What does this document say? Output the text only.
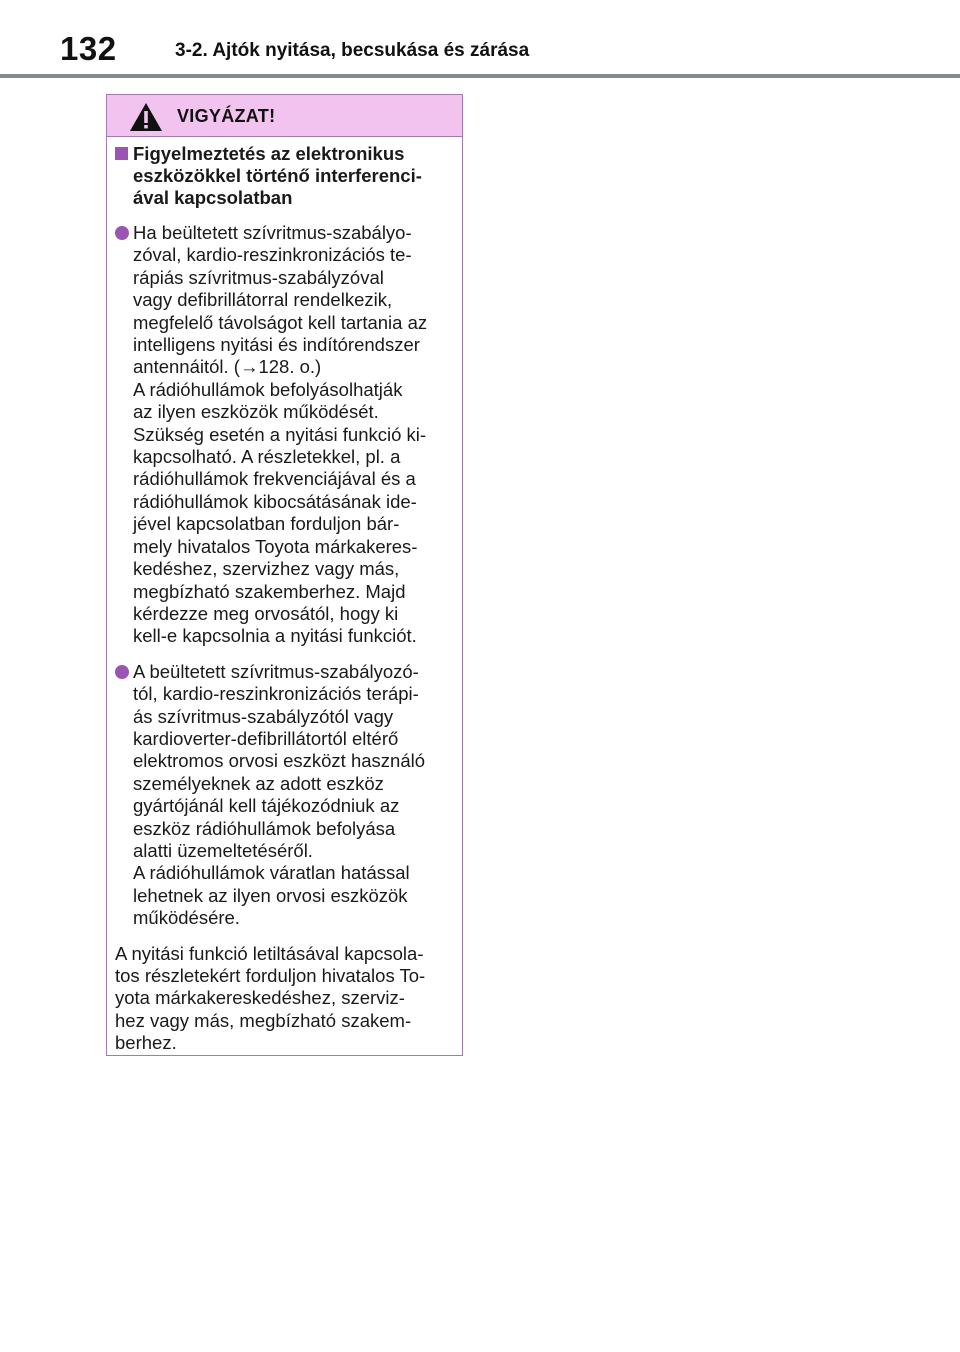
132	3-2. Ajtók nyitása, becsukása és zárása
VIGYÁZAT!
Figyelmeztetés az elektronikus
eszközökkel történő interferenci-
ával kapcsolatban
Ha beültetett szívritmus-szabályo-
zóval, kardio-reszinkronizációs te-
rápiás szívritmus-szabályzóval
vagy defibrillátorral rendelkezik,
megfelelő távolságot kell tartania az
intelligens nyitási és indítórendszer
antennáitól. (→128. o.)
A rádióhullámok befolyásolhatják
az ilyen eszközök működését.
Szükség esetén a nyitási funkció ki-
kapcsolható. A részletekkel, pl. a
rádióhullámok frekvenciájával és a
rádióhullámok kibocsátásának ide-
jével kapcsolatban forduljon bár-
mely hivatalos Toyota márkakeres-
kedéshez, szervizhez vagy más,
megbízható szakemberhez. Majd
kérdezze meg orvosától, hogy ki
kell-e kapcsolnia a nyitási funkciót.
A beültetett szívritmus-szabályozó-
tól, kardio-reszinkronizációs terápi-
ás szívritmus-szabályzótól vagy
kardioverter-defibrillátortól eltérő
elektromos orvosi eszközt használó
személyeknek az adott eszköz
gyártójánál kell tájékozódniuk az
eszköz rádióhullámok befolyása
alatti üzemeltetéséről.
A rádióhullámok váratlan hatással
lehetnek az ilyen orvosi eszközök
működésére.
A nyitási funkció letiltásával kapcsola-
tos részletekért forduljon hivatalos To-
yota márkakereskedéshez, szerviz-
hez vagy más, megbízható szakem-
berhez.
